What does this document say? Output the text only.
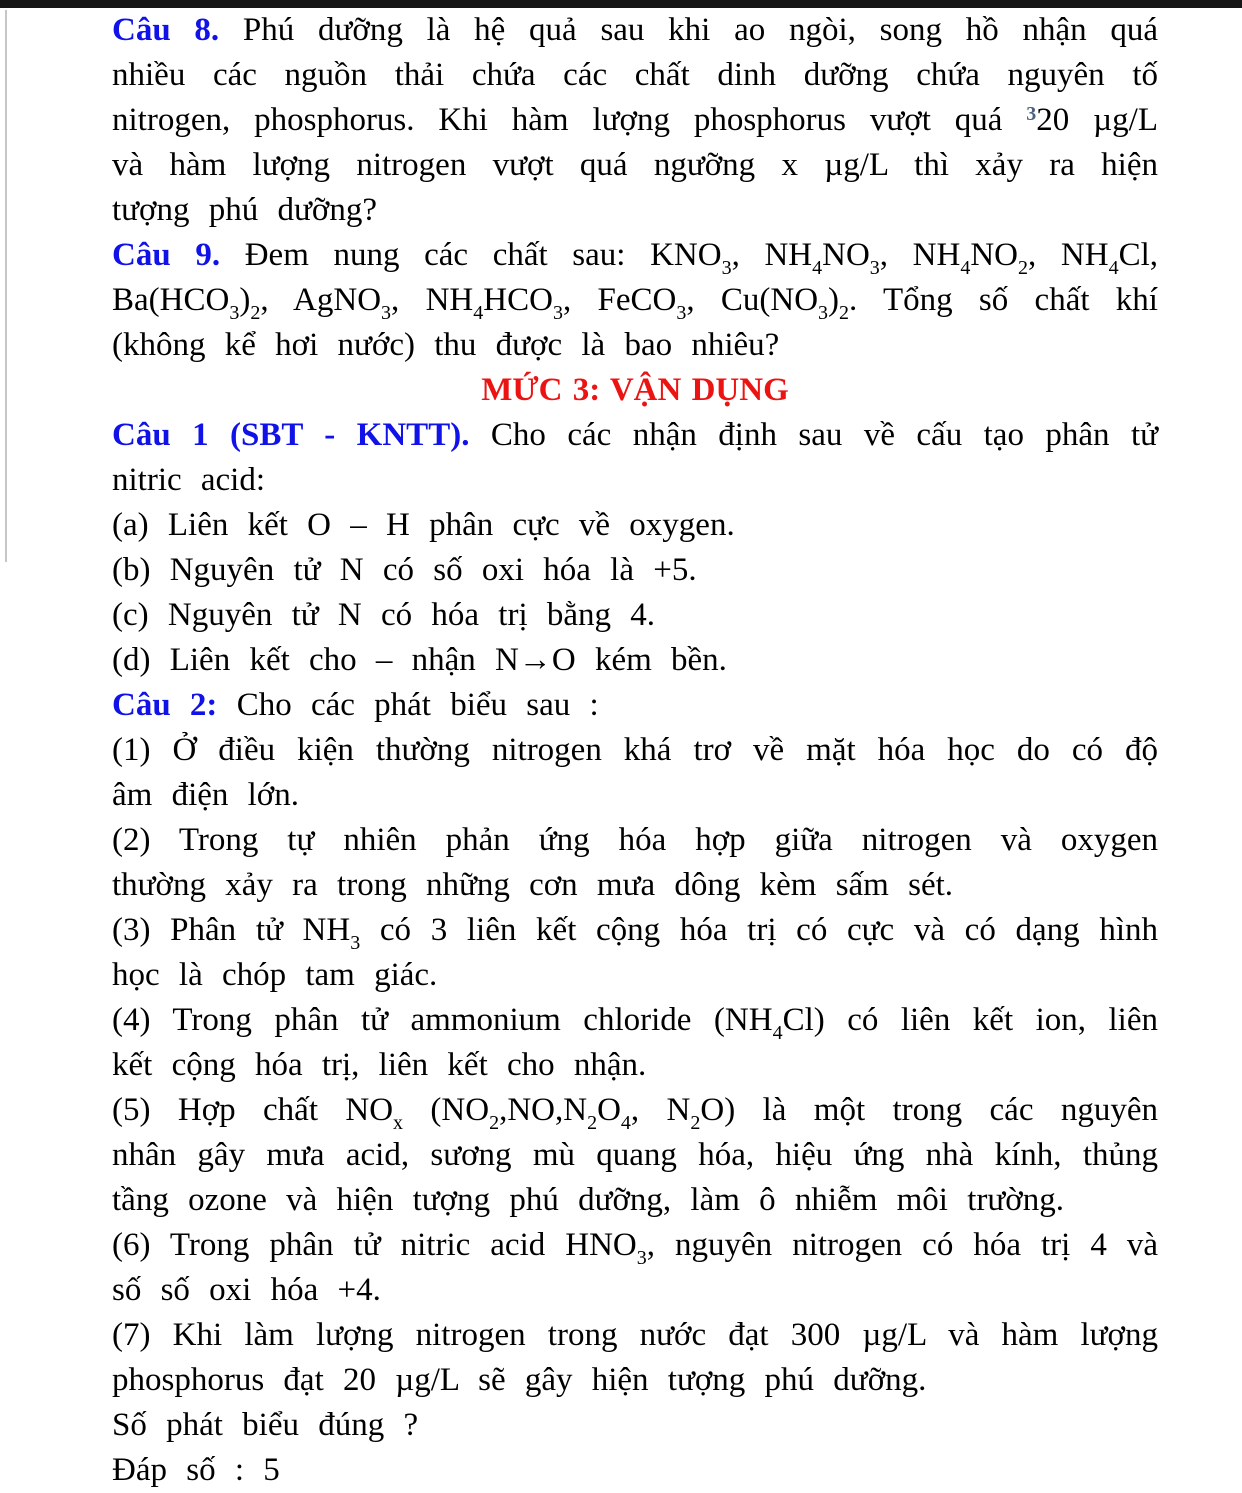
Câu 8. Phú dưỡng là hệ quả sau khi ao ngòi, song hồ nhận quá nhiều các nguồn thải chứa các chất dinh dưỡng chứa nguyên tố nitrogen, phosphorus. Khi hàm lượng phosphorus vượt quá $^3$20 µg/L và hàm lượng nitrogen vượt quá ngưỡng x µg/L thì xảy ra hiện tượng phú dưỡng?

Câu 9. Đem nung các chất sau: $KNO_3$, $NH_4NO_3$, $NH_4NO_2$, $NH_4Cl$, $Ba(HCO_3)_2$, AgNO$_3$, $NH_4HCO_3$, FeCO$_3$, $Cu(NO_3)_2$. Tổng số chất khí (không kể hơi nước) thu được là bao nhiêu?

MỨC 3: VẬN DỤNG

Câu 1 (SBT - KNTT). Cho các nhận định sau về cấu tạo phân tử nitric acid:

(a) Liên kết O – H phân cực về oxygen.

(b) Nguyên tử N có số oxi hóa là +5.

(c) Nguyên tử N có hóa trị bằng 4.

(d) Liên kết cho – nhận N→O kém bền.

Câu 2: Cho các phát biểu sau :

(1) Ở điều kiện thường nitrogen khá trơ về mặt hóa học do có độ âm điện lớn.

(2) Trong tự nhiên phản ứng hóa hợp giữa nitrogen và oxygen thường xảy ra trong những cơn mưa dông kèm sấm sét.

(3) Phân tử $NH_3$ có 3 liên kết cộng hóa trị có cực và có dạng hình học là chóp tam giác.

(4) Trong phân tử ammonium chloride $(NH_4Cl)$ có liên kết ion, liên kết cộng hóa trị, liên kết cho nhận.

(5) Hợp chất $NO_x$ ($NO_2,NO,N_2O_4$, $N_2O$) là một trong các nguyên nhân gây mưa acid, sương mù quang hóa, hiệu ứng nhà kính, thủng tầng ozone và hiện tượng phú dưỡng, làm ô nhiễm môi trường.

(6) Trong phân tử nitric acid $HNO_3$, nguyên nitrogen có hóa trị 4 và số số oxi hóa +4.

(7) Khi làm lượng nitrogen trong nước đạt 300 µg/L và hàm lượng phosphorus đạt 20 µg/L sẽ gây hiện tượng phú dưỡng.

Số phát biểu đúng ?

Đáp số : 5
